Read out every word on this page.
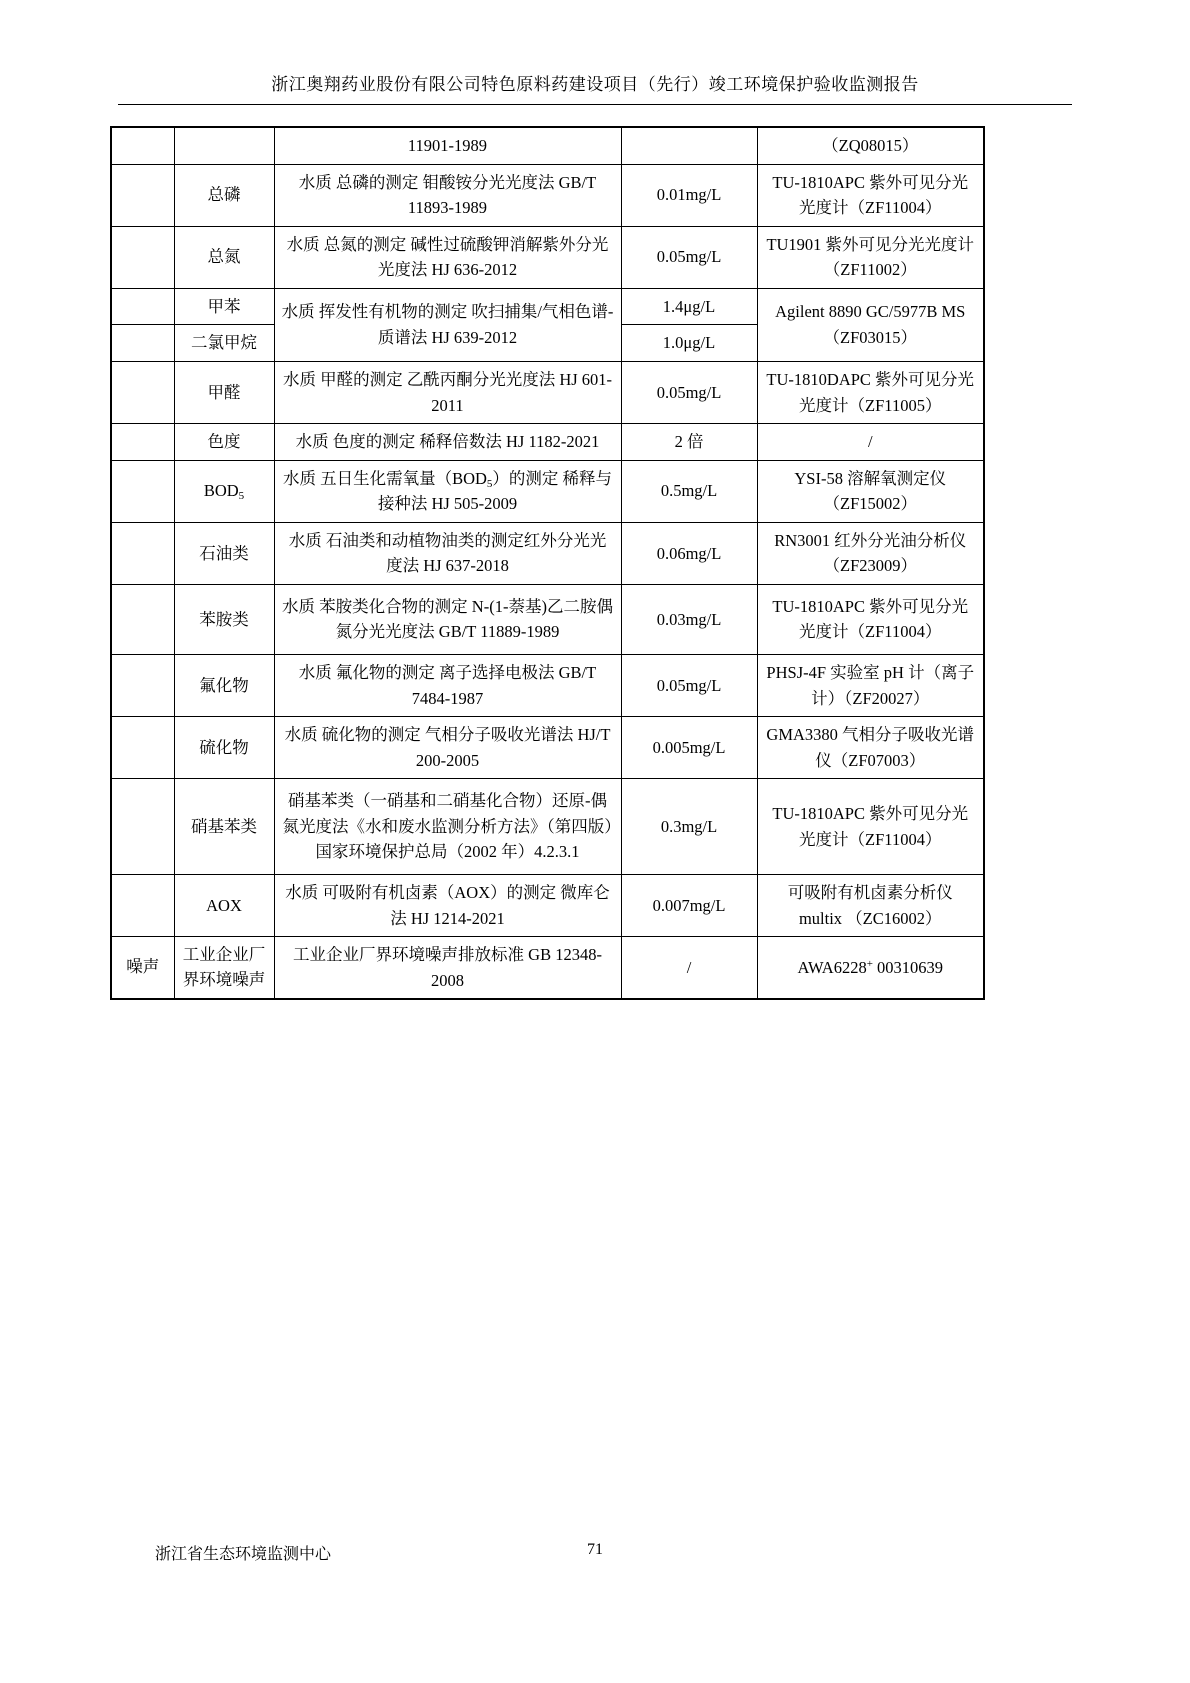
浙江奥翔药业股份有限公司特色原料药建设项目（先行）竣工环境保护验收监测报告
		11901-1989		（ZQ08015）
	总磷	水质 总磷的测定 钼酸铵分光光度法 GB/T 11893-1989	0.01mg/L	TU-1810APC 紫外可见分光光度计（ZF11004）
	总氮	水质 总氮的测定 碱性过硫酸钾消解紫外分光光度法 HJ 636-2012	0.05mg/L	TU1901 紫外可见分光光度计（ZF11002）
	甲苯	水质 挥发性有机物的测定 吹扫捕集/气相色谱-质谱法 HJ 639-2012	1.4μg/L	Agilent 8890 GC/5977B MS（ZF03015）
	二氯甲烷		1.0μg/L	
	甲醛	水质 甲醛的测定 乙酰丙酮分光光度法 HJ 601-2011	0.05mg/L	TU-1810DAPC 紫外可见分光光度计（ZF11005）
	色度	水质 色度的测定 稀释倍数法 HJ 1182-2021	2 倍	/
	$BOD_5$	水质 五日生化需氧量$(BOD_5)$的测定 稀释与接种法 HJ 505-2009	0.5mg/L	YSI-58 溶解氧测定仪（ZF15002）
	石油类	水质 石油类和动植物油类的测定红外分光光度法 HJ 637-2018	0.06mg/L	RN3001 红外分光油分析仪（ZF23009）
	苯胺类	水质 苯胺类化合物的测定 N-(1-萘基)乙二胺偶氮分光光度法 GB/T 11889-1989	0.03mg/L	TU-1810APC 紫外可见分光光度计（ZF11004）
	氟化物	水质 氟化物的测定 离子选择电极法 GB/T 7484-1987	0.05mg/L	PHSJ-4F 实验室 pH 计（离子计）（ZF20027）
	硫化物	水质 硫化物的测定 气相分子吸收光谱法 HJ/T 200-2005	0.005mg/L	GMA3380 气相分子吸收光谱仪（ZF07003）
	硝基苯类	硝基苯类（一硝基和二硝基化合物）还原-偶氮光度法《水和废水监测分析方法》（第四版）国家环境保护总局（2002 年）4.2.3.1	0.3mg/L	TU-1810APC 紫外可见分光光度计（ZF11004）
	AOX	水质 可吸附有机卤素（AOX）的测定 微库仑法 HJ 1214-2021	0.007mg/L	可吸附有机卤素分析仪 multix （ZC16002）
噪声	工业企业厂界环境噪声	工业企业厂界环境噪声排放标准 GB 12348-2008	/	AWA6228+ 00310639
浙江省生态环境监测中心	71
